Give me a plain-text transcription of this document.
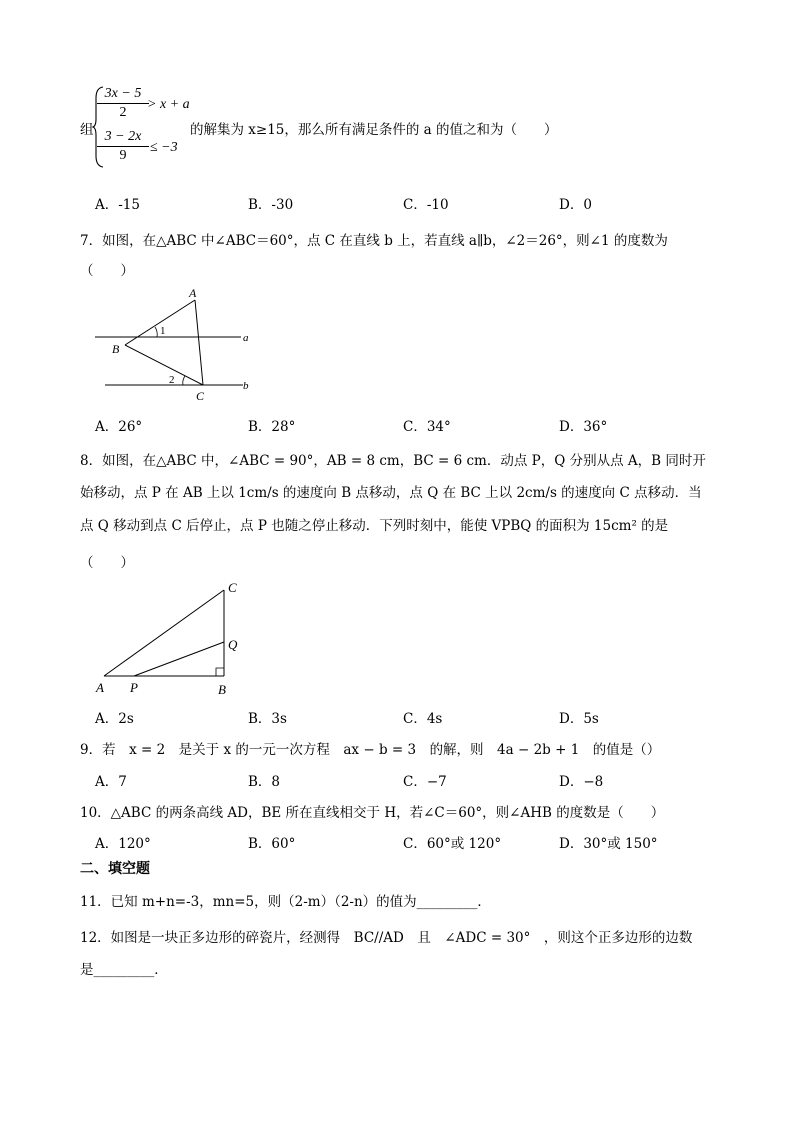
组
3x − 5
2
> x + a
3 − 2x
9
≤ −3
的解集为 x≥15，那么所有满足条件的 a 的值之和为（　　）
A．-15	B．-30	C．-10	D．0
7．如图，在△ABC 中∠ABC＝60°，点 C 在直线 b 上，若直线 a∥b，∠2＝26°，则∠1 的度数为
（　　）
A
B
C
a
b
1
2
A．26°	B．28°	C．34°	D．36°
8．如图，在△ABC 中，∠ABC = 90°，AB = 8 cm，BC = 6 cm．动点 P，Q 分别从点 A，B 同时开
始移动，点 P 在 AB 上以 1cm/s 的速度向 B 点移动，点 Q 在 BC 上以 2cm/s 的速度向 C 点移动．当
点 Q 移动到点 C 后停止，点 P 也随之停止移动．下列时刻中，能使 VPBQ 的面积为 15cm² 的是
（　　）
A P	B
C
Q
A．2s	B．3s	C．4s	D．5s
9．若　x = 2　是关于 x 的一元一次方程　ax − b = 3　的解，则　4a − 2b + 1　的值是（）
A．7	B．8	C．−7	D．−8
10．△ABC 的两条高线 AD，BE 所在直线相交于 H，若∠C＝60°，则∠AHB 的度数是（　　）
A．120°	B．60°	C．60°或 120°	D．30°或 150°
二、填空题
11．已知 m+n=-3，mn=5，则（2-m）（2-n）的值为_________．
12．如图是一块正多边形的碎瓷片，经测得　BC//AD　且　∠ADC = 30°　，则这个正多边形的边数
是_________．
